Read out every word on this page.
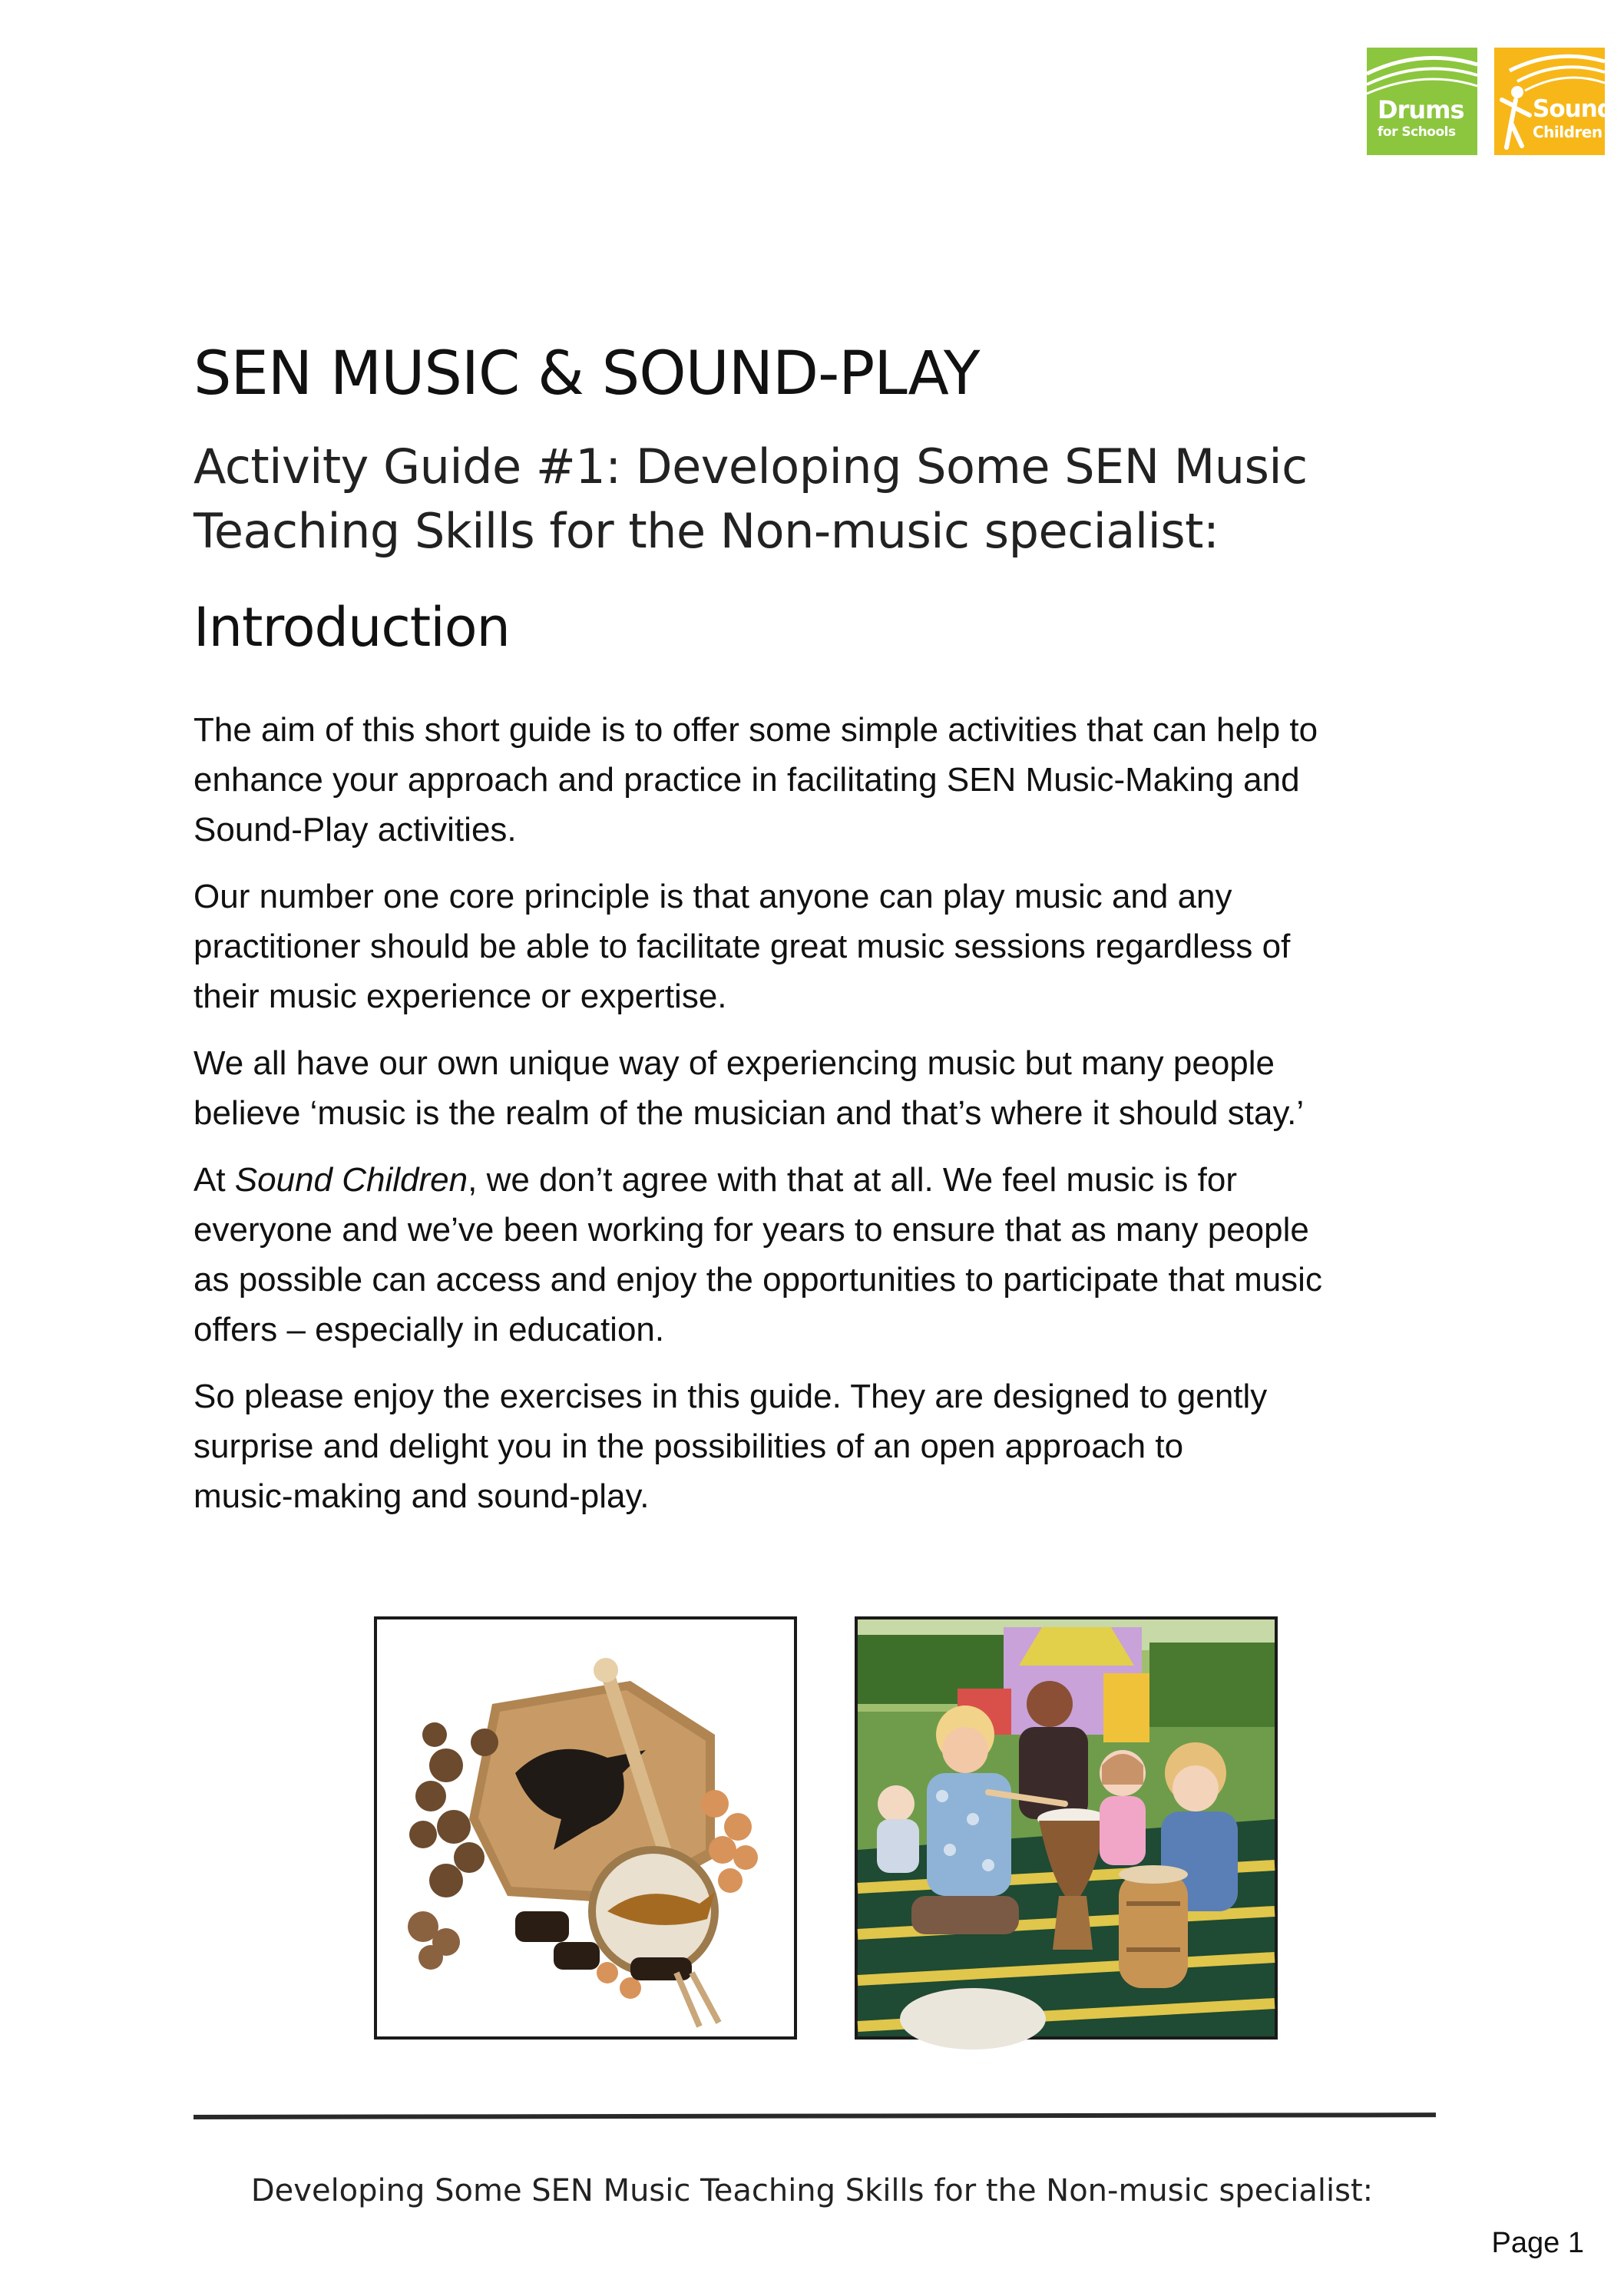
Drums
for Schools
Sound
Children
SEN MUSIC & SOUND-PLAY
Activity Guide #1: Developing Some SEN Music
Teaching Skills for the Non-music specialist:
Introduction

The aim of this short guide is to offer some simple activities that can help to
enhance your approach and practice in facilitating SEN Music-Making and
Sound-Play activities.

Our number one core principle is that anyone can play music and any
practitioner should be able to facilitate great music sessions regardless of
their music experience or expertise.

We all have our own unique way of experiencing music but many people
believe ‘music is the realm of the musician and that’s where it should stay.’

At Sound Children, we don’t agree with that at all. We feel music is for
everyone and we’ve been working for years to ensure that as many people
as possible can access and enjoy the opportunities to participate that music
offers – especially in education.

So please enjoy the exercises in this guide. They are designed to gently
surprise and delight you in the possibilities of an open approach to
music-making and sound-play.

Developing Some SEN Music Teaching Skills for the Non-music specialist:
Page 1
